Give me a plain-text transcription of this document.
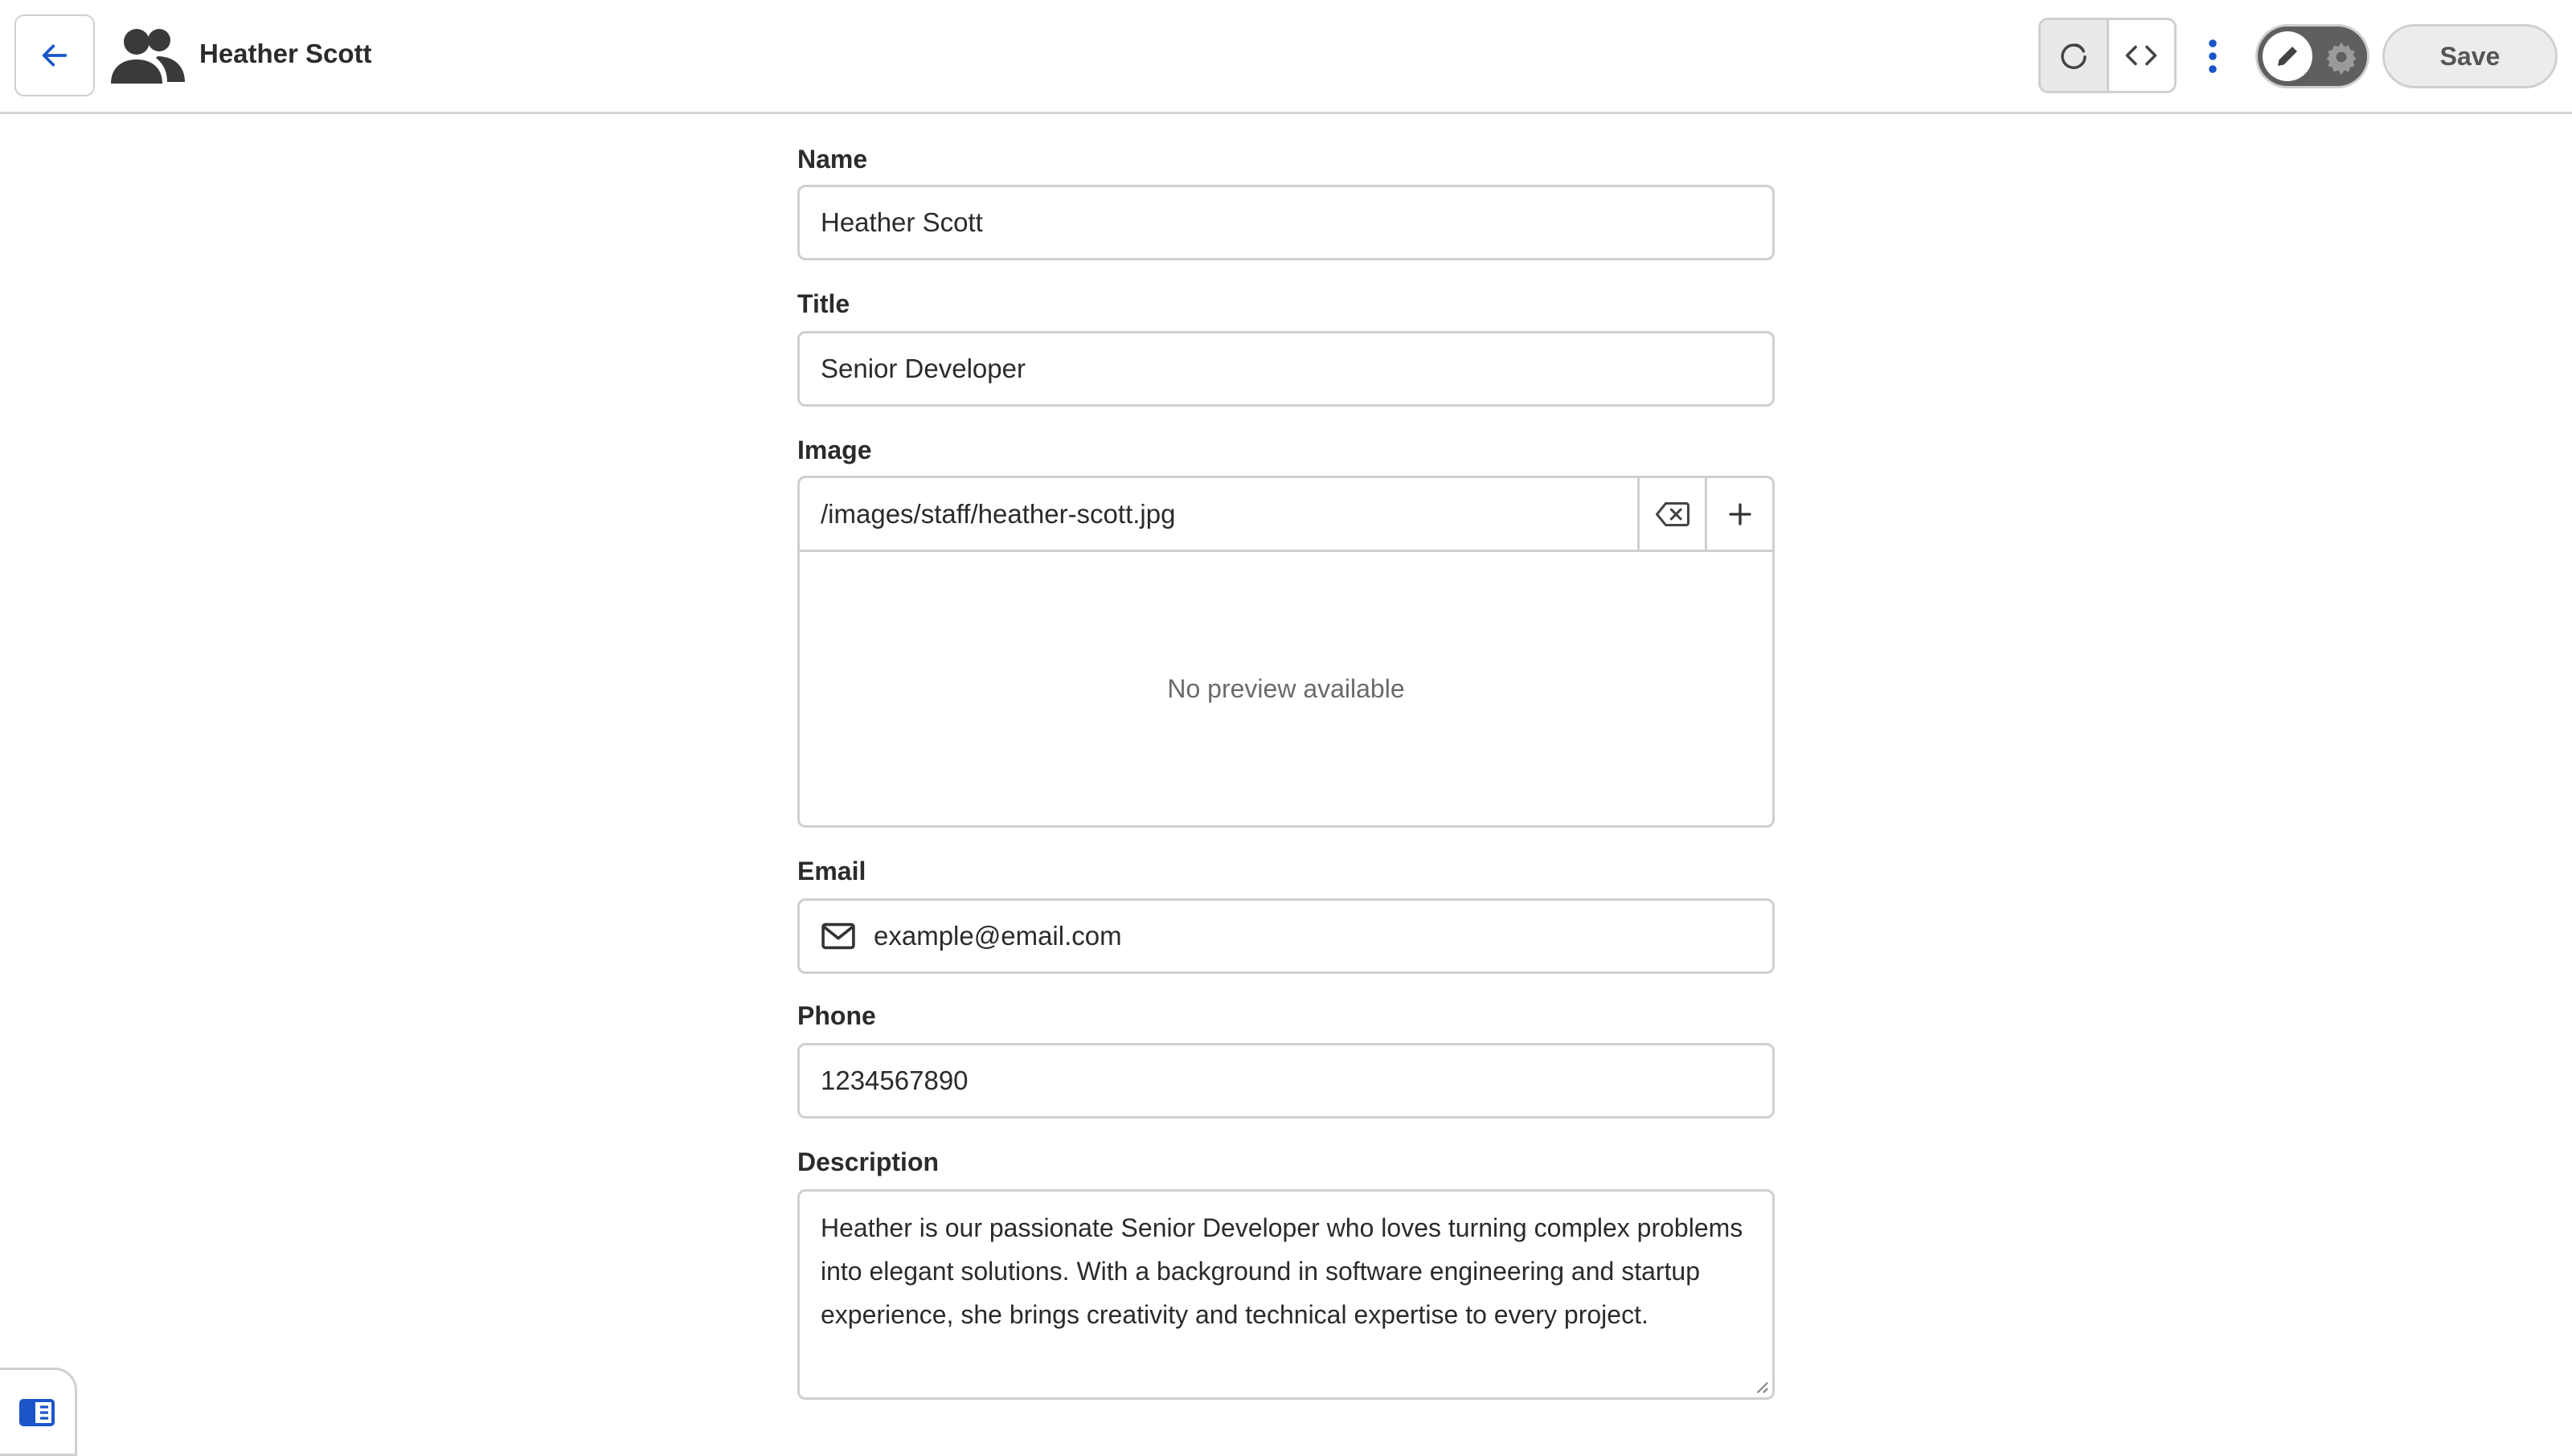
Heather Scott	Save
Name
Heather Scott
Title
Senior Developer
Image
/images/staff/heather-scott.jpg
No preview available
Email
example@email.com
Phone
1234567890
Description
Heather is our passionate Senior Developer who loves turning complex problems into elegant solutions. With a background in software engineering and startup experience, she brings creativity and technical expertise to every project.
